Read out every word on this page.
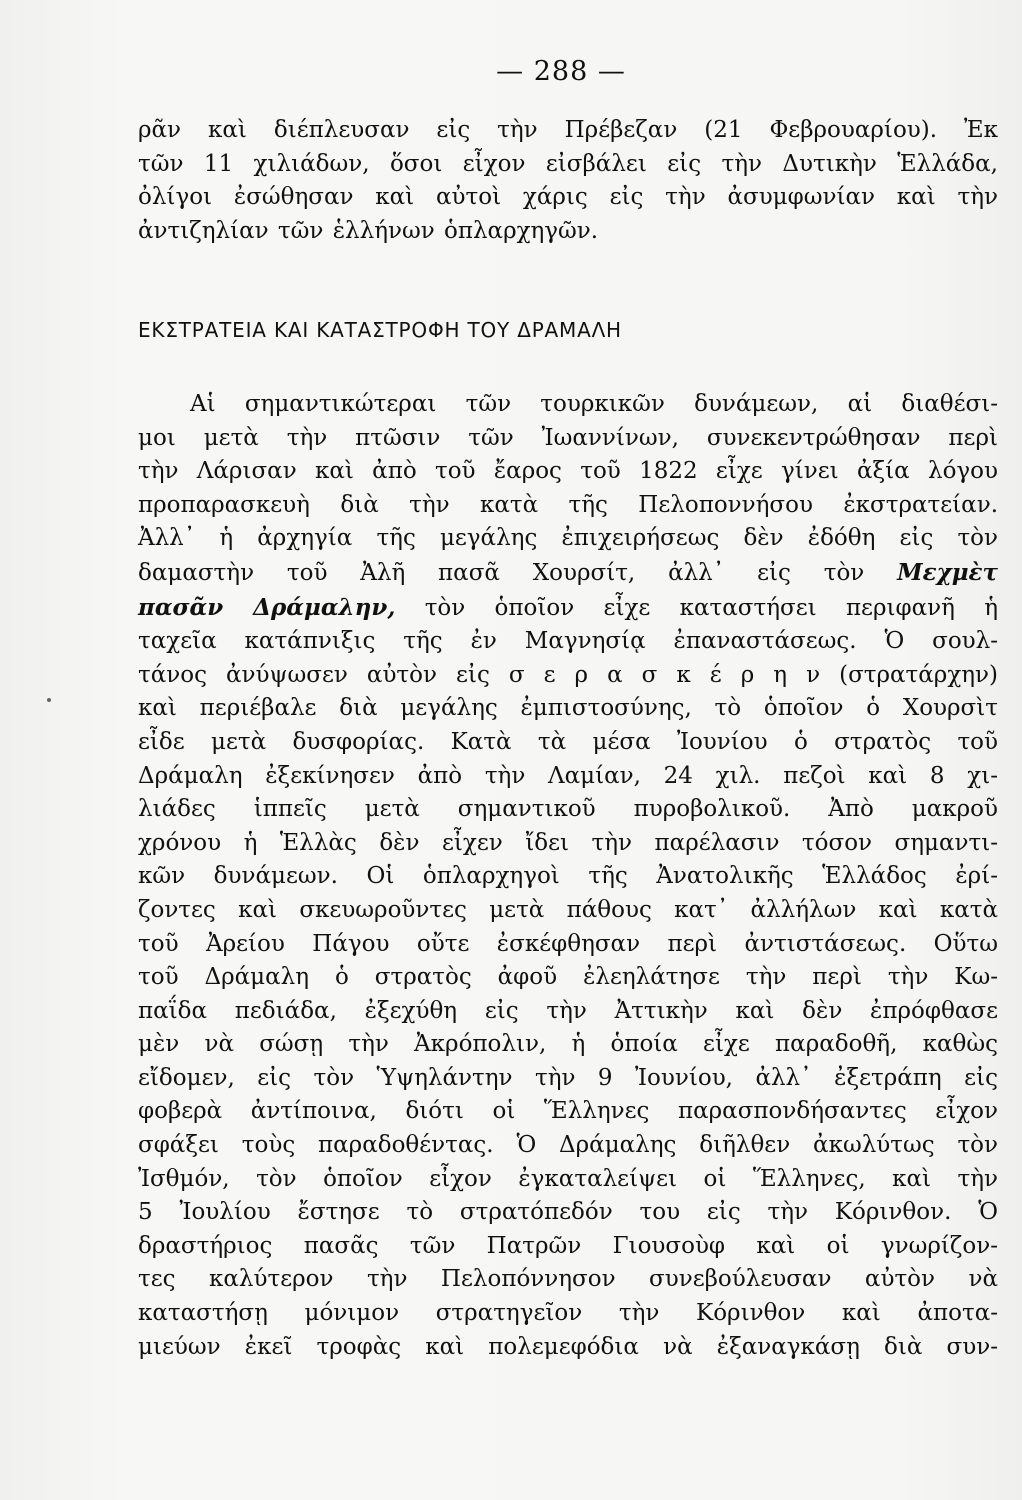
— 288 —
ρᾶν καὶ διέπλευσαν εἰς τὴν Πρέβεζαν (21 Φεβρουαρίου). Ἐκ
τῶν 11 χιλιάδων, ὅσοι εἶχον εἰσβάλει εἰς τὴν Δυτικὴν Ἑλλάδα,
ὀλίγοι ἐσώθησαν καὶ αὐτοὶ χάρις εἰς τὴν ἀσυμφωνίαν καὶ τὴν
ἀντιζηλίαν τῶν ἑλλήνων ὁπλαρχηγῶν.
ΕΚΣΤΡΑΤΕΙΑ ΚΑΙ ΚΑΤΑΣΤΡΟΦΗ ΤΟΥ ΔΡΑΜΑΛΗ
Αἱ σημαντικώτεραι τῶν τουρκικῶν δυνάμεων, αἱ διαθέσι-
μοι μετὰ τὴν πτῶσιν τῶν Ἰωαννίνων, συνεκεντρώθησαν περὶ
τὴν Λάρισαν καὶ ἀπὸ τοῦ ἔαρος τοῦ 1822 εἶχε γίνει ἀξία λόγου
προπαρασκευὴ διὰ τὴν κατὰ τῆς Πελοποννήσου ἐκστρατείαν.
Ἀλλ᾽ ἡ ἀρχηγία τῆς μεγάλης ἐπιχειρήσεως δὲν ἐδόθη εἰς τὸν
δαμαστὴν τοῦ Ἀλῆ πασᾶ Χουρσίτ, ἀλλ᾽ εἰς τὸν Μεχμὲτ
πασᾶν Δράμαλην, τὸν ὁποῖον εἶχε καταστήσει περιφανῆ ἡ
ταχεῖα κατάπνιξις τῆς ἐν Μαγνησίᾳ ἐπαναστάσεως. Ὁ σουλ-
τάνος ἀνύψωσεν αὐτὸν εἰς σ ε ρ α σ κ έ ρ η ν (στρατάρχην)
καὶ περιέβαλε διὰ μεγάλης ἐμπιστοσύνης, τὸ ὁποῖον ὁ Χουρσὶτ
εἶδε μετὰ δυσφορίας. Κατὰ τὰ μέσα Ἰουνίου ὁ στρατὸς τοῦ
Δράμαλη ἐξεκίνησεν ἀπὸ τὴν Λαμίαν, 24 χιλ. πεζοὶ καὶ 8 χι-
λιάδες ἱππεῖς μετὰ σημαντικοῦ πυροβολικοῦ. Ἀπὸ μακροῦ
χρόνου ἡ Ἑλλὰς δὲν εἶχεν ἴδει τὴν παρέλασιν τόσον σημαντι-
κῶν δυνάμεων. Οἱ ὁπλαρχηγοὶ τῆς Ἀνατολικῆς Ἑλλάδος ἐρί-
ζοντες καὶ σκευωροῦντες μετὰ πάθους κατ᾽ ἀλλήλων καὶ κατὰ
τοῦ Ἀρείου Πάγου οὔτε ἐσκέφθησαν περὶ ἀντιστάσεως. Οὕτω
τοῦ Δράμαλη ὁ στρατὸς ἀφοῦ ἐλεηλάτησε τὴν περὶ τὴν Κω-
παΐδα πεδιάδα, ἐξεχύθη εἰς τὴν Ἀττικὴν καὶ δὲν ἐπρόφθασε
μὲν νὰ σώσῃ τὴν Ἀκρόπολιν, ἡ ὁποία εἶχε παραδοθῆ, καθὼς
εἴδομεν, εἰς τὸν Ὑψηλάντην τὴν 9 Ἰουνίου, ἀλλ᾽ ἐξετράπη εἰς
φοβερὰ ἀντίποινα, διότι οἱ Ἕλληνες παρασπονδήσαντες εἶχον
σφάξει τοὺς παραδοθέντας. Ὁ Δράμαλης διῆλθεν ἀκωλύτως τὸν
Ἰσθμόν, τὸν ὁποῖον εἶχον ἐγκαταλείψει οἱ Ἕλληνες, καὶ τὴν
5 Ἰουλίου ἔστησε τὸ στρατόπεδόν του εἰς τὴν Κόρινθον. Ὁ
δραστήριος πασᾶς τῶν Πατρῶν Γιουσοὺφ καὶ οἱ γνωρίζον-
τες καλύτερον τὴν Πελοπόννησον συνεβούλευσαν αὐτὸν νὰ
καταστήσῃ μόνιμον στρατηγεῖον τὴν Κόρινθον καὶ ἀποτα-
μιεύων ἐκεῖ τροφὰς καὶ πολεμεφόδια νὰ ἐξαναγκάσῃ διὰ συν-
